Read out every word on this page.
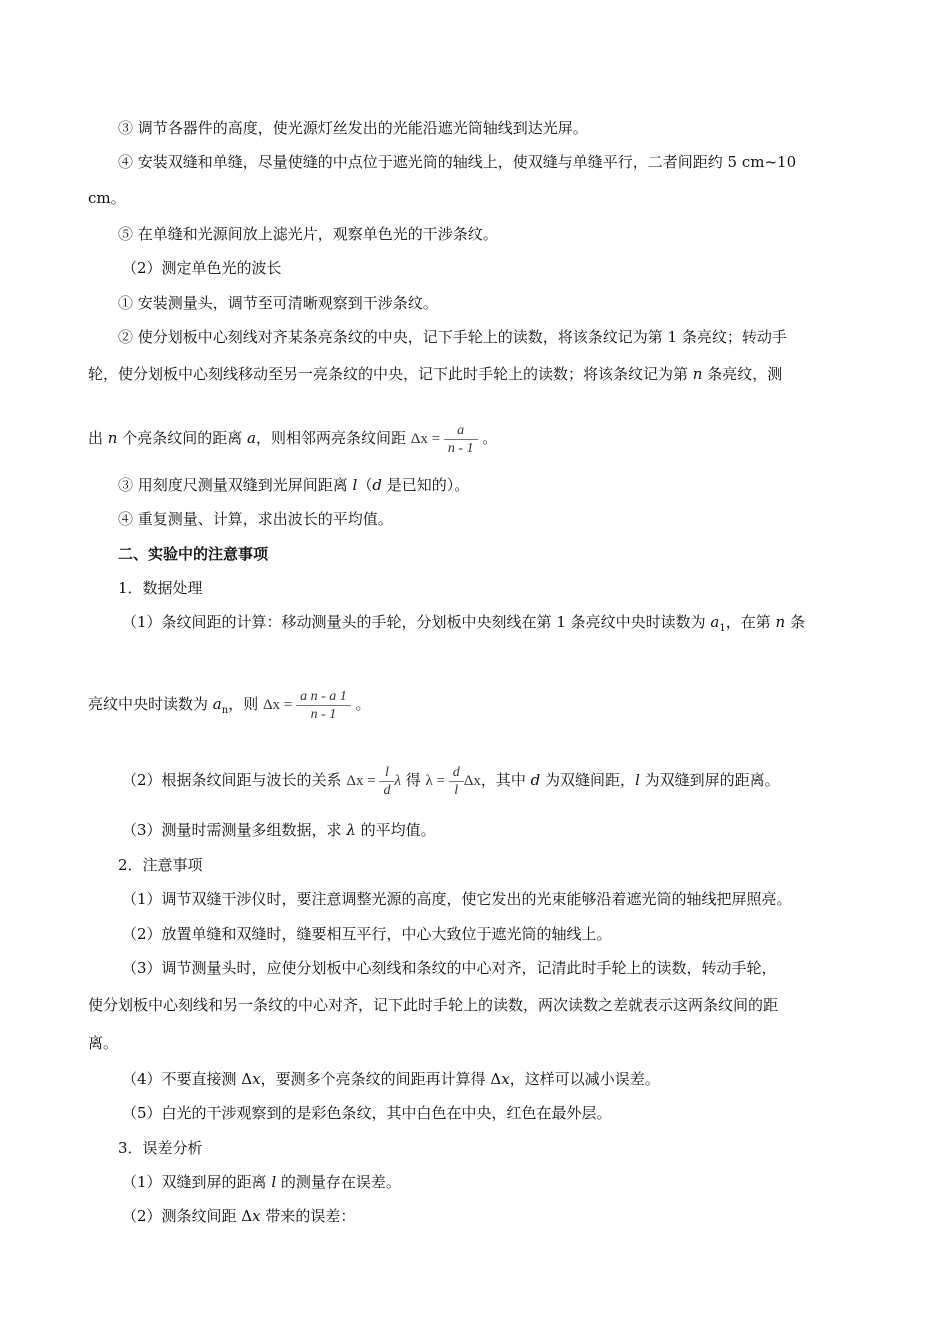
③ 调节各器件的高度，使光源灯丝发出的光能沿遮光筒轴线到达光屏。
④ 安装双缝和单缝，尽量使缝的中点位于遮光筒的轴线上，使双缝与单缝平行，二者间距约 5 cm~10
cm。
⑤ 在单缝和光源间放上滤光片，观察单色光的干涉条纹。
（2）测定单色光的波长
① 安装测量头，调节至可清晰观察到干涉条纹。
② 使分划板中心刻线对齐某条亮条纹的中央，记下手轮上的读数，将该条纹记为第 1 条亮纹；转动手
轮，使分划板中心刻线移动至另一亮条纹的中央，记下此时手轮上的读数；将该条纹记为第 n 条亮纹，测
出 n 个亮条纹间的距离 a，则相邻两亮条纹间距 $\Delta x = \frac{a}{n - 1}$ 。
③ 用刻度尺测量双缝到光屏间距离 l（d 是已知的）。
④ 重复测量、计算，求出波长的平均值。
二、实验中的注意事项
1．数据处理
（1）条纹间距的计算：移动测量头的手轮，分划板中央刻线在第 1 条亮纹中央时读数为 $a_1$，在第 n 条
亮纹中央时读数为 $a_n$，则 $\Delta x = \frac{\text{a n - a 1}}{n - 1}$ 。
（2）根据条纹间距与波长的关系 $\Delta x = \frac{l}{d}$ λ 得 $\lambda = \frac{d}{l}$ Δx，其中 d 为双缝间距，l 为双缝到屏的距离。
（3）测量时需测量多组数据，求 λ 的平均值。
2．注意事项
（1）调节双缝干涉仪时，要注意调整光源的高度，使它发出的光束能够沿着遮光筒的轴线把屏照亮。
（2）放置单缝和双缝时，缝要相互平行，中心大致位于遮光筒的轴线上。
（3）调节测量头时，应使分划板中心刻线和条纹的中心对齐，记清此时手轮上的读数，转动手轮，
使分划板中心刻线和另一条纹的中心对齐，记下此时手轮上的读数，两次读数之差就表示这两条纹间的距
离。
（4）不要直接测 Δx，要测多个亮条纹的间距再计算得 Δx，这样可以减小误差。
（5）白光的干涉观察到的是彩色条纹，其中白色在中央，红色在最外层。
3．误差分析
（1）双缝到屏的距离 l 的测量存在误差。
（2）测条纹间距 Δx 带来的误差：
